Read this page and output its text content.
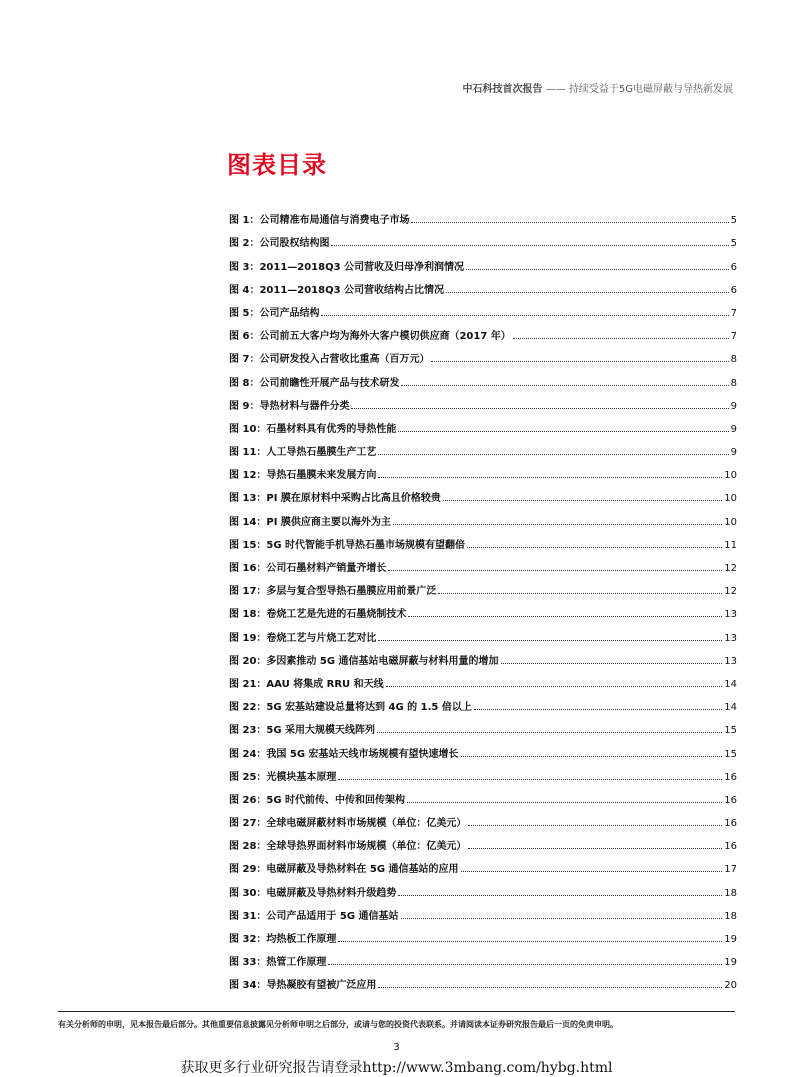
中石科技首次报告 —— 持续受益于5G电磁屏蔽与导热新发展
图表目录
图 1：公司精准布局通信与消费电子市场	5
图 2：公司股权结构图	5
图 3：2011—2018Q3 公司营收及归母净利润情况	6
图 4：2011—2018Q3 公司营收结构占比情况	6
图 5：公司产品结构	7
图 6：公司前五大客户均为海外大客户模切供应商（2017 年）	7
图 7：公司研发投入占营收比重高（百万元）	8
图 8：公司前瞻性开展产品与技术研发	8
图 9：导热材料与器件分类	9
图 10：石墨材料具有优秀的导热性能	9
图 11：人工导热石墨膜生产工艺	9
图 12：导热石墨膜未来发展方向	10
图 13：PI 膜在原材料中采购占比高且价格较贵	10
图 14：PI 膜供应商主要以海外为主	10
图 15：5G 时代智能手机导热石墨市场规模有望翻倍	11
图 16：公司石墨材料产销量齐增长	12
图 17：多层与复合型导热石墨膜应用前景广泛	12
图 18：卷烧工艺是先进的石墨烧制技术	13
图 19：卷烧工艺与片烧工艺对比	13
图 20：多因素推动 5G 通信基站电磁屏蔽与材料用量的增加	13
图 21：AAU 将集成 RRU 和天线	14
图 22：5G 宏基站建设总量将达到 4G 的 1.5 倍以上	14
图 23：5G 采用大规模天线阵列	15
图 24：我国 5G 宏基站天线市场规模有望快速增长	15
图 25：光模块基本原理	16
图 26：5G 时代前传、中传和回传架构	16
图 27：全球电磁屏蔽材料市场规模（单位：亿美元）	16
图 28：全球导热界面材料市场规模（单位：亿美元）	16
图 29：电磁屏蔽及导热材料在 5G 通信基站的应用	17
图 30：电磁屏蔽及导热材料升级趋势	18
图 31：公司产品适用于 5G 通信基站	18
图 32：均热板工作原理	19
图 33：热管工作原理	19
图 34：导热凝胶有望被广泛应用	20
有关分析师的申明，见本报告最后部分。其他重要信息披露见分析师申明之后部分，或请与您的投资代表联系。并请阅读本证券研究报告最后一页的免责申明。
3
获取更多行业研究报告请登录http://www.3mbang.com/hybg.html
